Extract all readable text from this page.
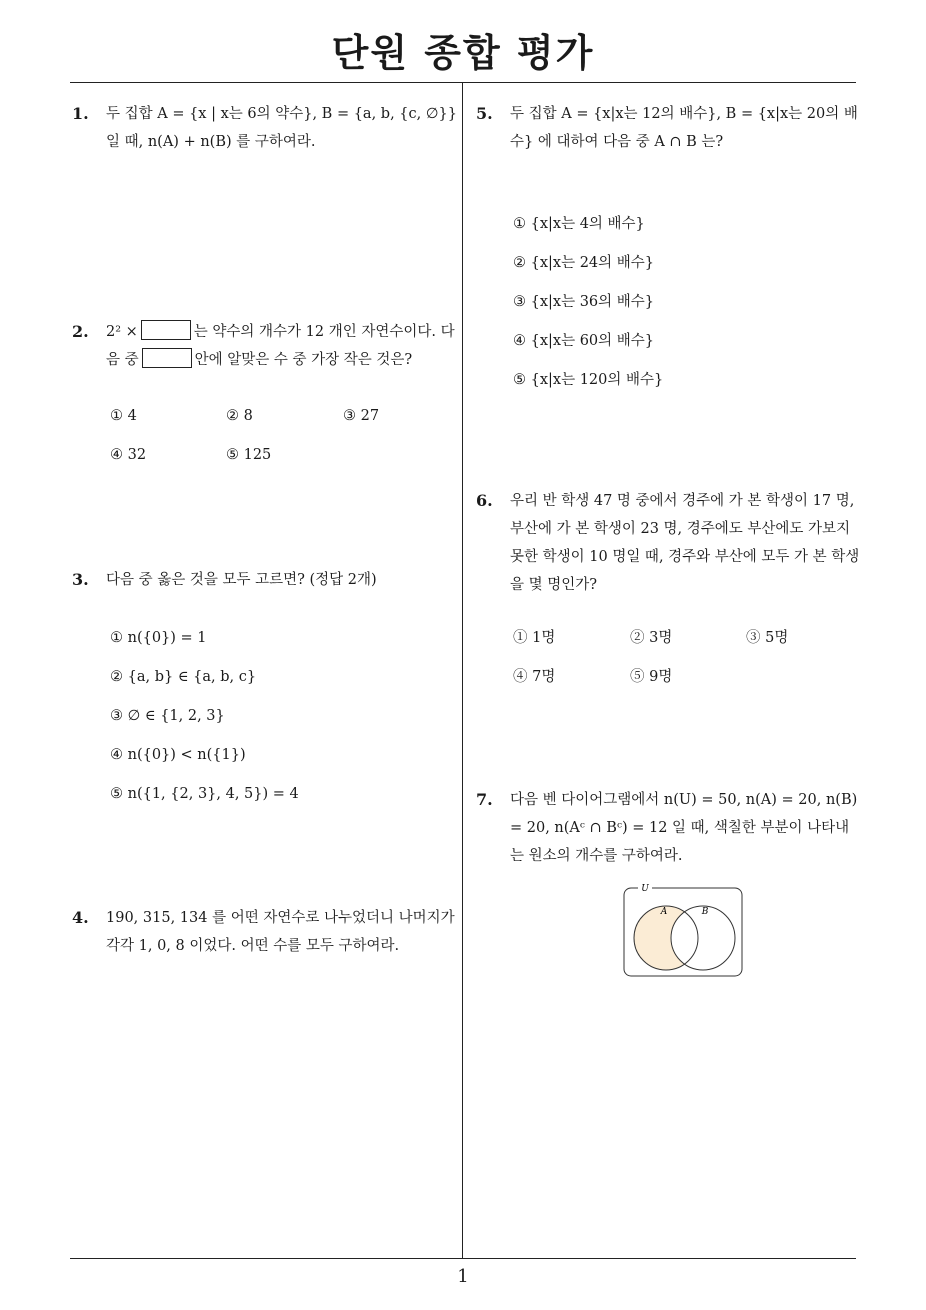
단원 종합 평가
1
1. 두 집합 A = {x | x는 6의 약수}, B = {a, b, {c, ∅}} 일 때, n(A) + n(B) 를 구하여라.
2. 2² ×	는 약수의 개수가 12 개인 자연수이다. 다음 중	안에 알맞은 수 중 가장 작은 것은?
① 4	② 8	③ 27
④ 32	⑤ 125
3. 다음 중 옳은 것을 모두 고르면? (정답 2개)
① n({0}) = 1
② {a, b} ∈ {a, b, c}
③ ∅ ∈ {1, 2, 3}
④ n({0}) < n({1})
⑤ n({1, {2, 3}, 4, 5}) = 4
4. 190, 315, 134 를 어떤 자연수로 나누었더니 나머지가 각각 1, 0, 8 이었다. 어떤 수를 모두 구하여라.
5. 두 집합 A = {x|x는 12의 배수}, B = {x|x는 20의 배수} 에 대하여 다음 중 A ∩ B 는?
① {x|x는 4의 배수}
② {x|x는 24의 배수}
③ {x|x는 36의 배수}
④ {x|x는 60의 배수}
⑤ {x|x는 120의 배수}
6. 우리 반 학생 47 명 중에서 경주에 가 본 학생이 17 명, 부산에 가 본 학생이 23 명, 경주에도 부산에도 가보지 못한 학생이 10 명일 때, 경주와 부산에 모두 가 본 학생을 몇 명인가?
① 1명	② 3명	③ 5명
④ 7명	⑤ 9명
7. 다음 벤 다이어그램에서 n(U) = 50, n(A) = 20, n(B) = 20, n(Aᶜ ∩ Bᶜ) = 12 일 때, 색칠한 부분이 나타내는 원소의 개수를 구하여라.
U
A	B
